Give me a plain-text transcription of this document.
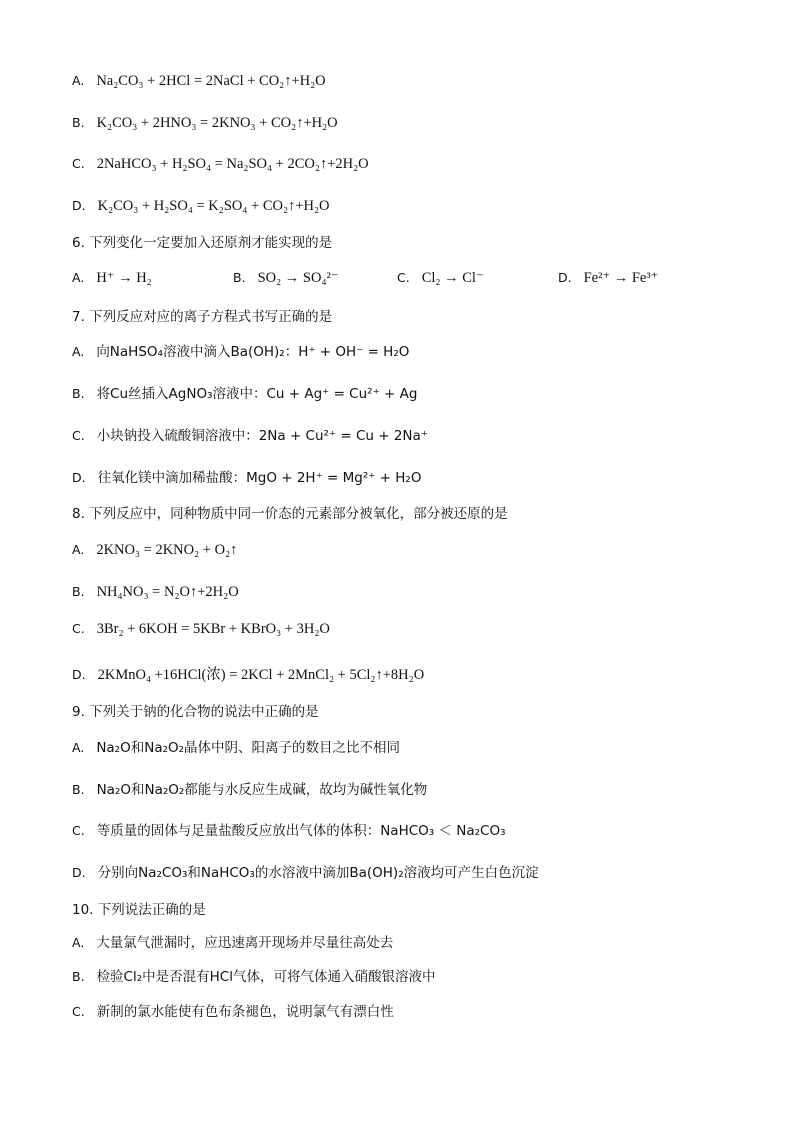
A. Na₂CO₃ + 2HCl = 2NaCl + CO₂↑+H₂O
B. K₂CO₃ + 2HNO₃ = 2KNO₃ + CO₂↑+H₂O
C. 2NaHCO₃ + H₂SO₄ = Na₂SO₄ + 2CO₂↑+2H₂O
D. K₂CO₃ + H₂SO₄ = K₂SO₄ + CO₂↑+H₂O
6. 下列变化一定要加入还原剂才能实现的是
A. H⁺ → H₂	B. SO₂ → SO₄²⁻	C. Cl₂ → Cl⁻	D. Fe²⁺ → Fe³⁺
7. 下列反应对应的离子方程式书写正确的是
A. 向NaHSO₄溶液中滴入Ba(OH)₂：H⁺ + OH⁻ = H₂O
B. 将Cu丝插入AgNO₃溶液中：Cu + Ag⁺ = Cu²⁺ + Ag
C. 小块钠投入硫酸铜溶液中：2Na + Cu²⁺ = Cu + 2Na⁺
D. 往氧化镁中滴加稀盐酸：MgO + 2H⁺ = Mg²⁺ + H₂O
8. 下列反应中，同种物质中同一价态的元素部分被氧化，部分被还原的是
A. 2KNO₃ = 2KNO₂ + O₂↑
B. NH₄NO₃ = N₂O↑+2H₂O
C. 3Br₂ + 6KOH = 5KBr + KBrO₃ + 3H₂O
D. 2KMnO₄ +16HCl(浓) = 2KCl + 2MnCl₂ + 5Cl₂↑+8H₂O
9. 下列关于钠的化合物的说法中正确的是
A. Na₂O和Na₂O₂晶体中阴、阳离子的数目之比不相同
B. Na₂O和Na₂O₂都能与水反应生成碱，故均为碱性氧化物
C. 等质量的固体与足量盐酸反应放出气体的体积：NaHCO₃ ＜ Na₂CO₃
D. 分别向Na₂CO₃和NaHCO₃的水溶液中滴加Ba(OH)₂溶液均可产生白色沉淀
10. 下列说法正确的是
A. 大量氯气泄漏时，应迅速离开现场并尽量往高处去
B. 检验Cl₂中是否混有HCl气体，可将气体通入硝酸银溶液中
C. 新制的氯水能使有色布条褪色，说明氯气有漂白性
